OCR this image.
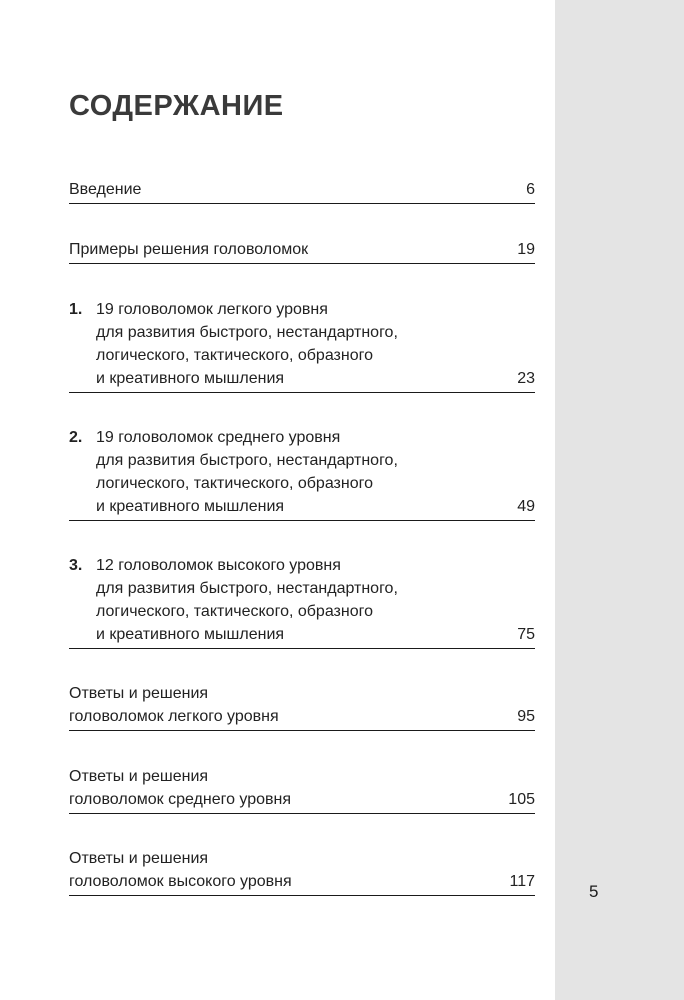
5
СОДЕРЖАНИЕ
Введение	6
Примеры решения головоломок	19
1. 19 головоломок легкого уровня
для развития быстрого, нестандартного,
логического, тактического, образного
и креативного мышления	23
2. 19 головоломок среднего уровня
для развития быстрого, нестандартного,
логического, тактического, образного
и креативного мышления	49
3. 12 головоломок высокого уровня
для развития быстрого, нестандартного,
логического, тактического, образного
и креативного мышления	75
Ответы и решения
головоломок легкого уровня	95
Ответы и решения
головоломок среднего уровня	105
Ответы и решения
головоломок высокого уровня	117
